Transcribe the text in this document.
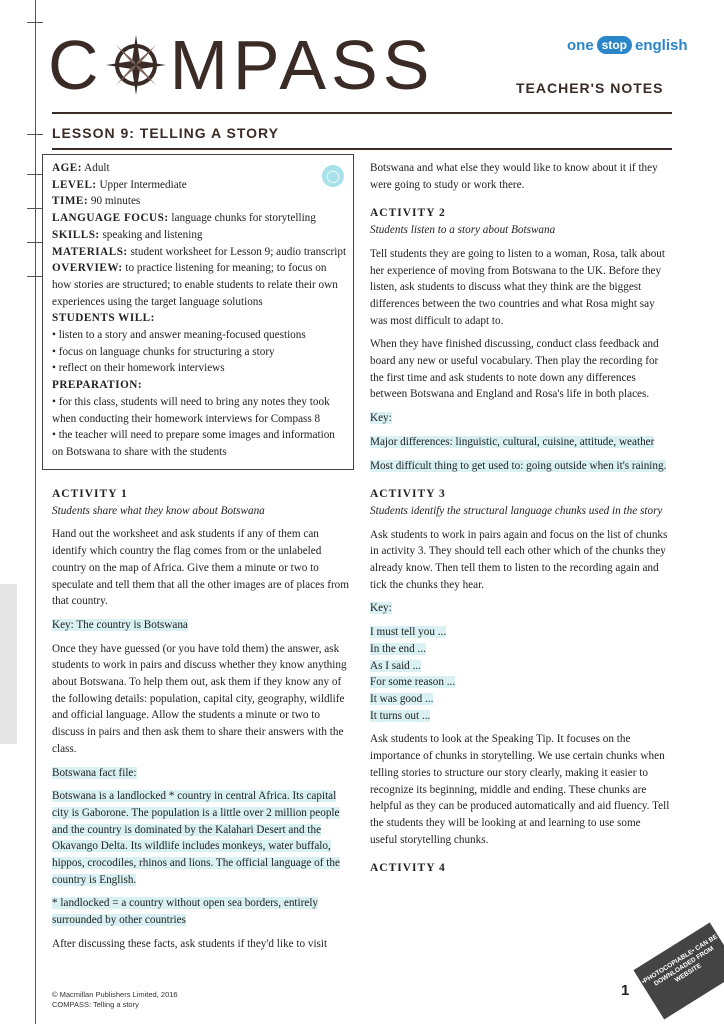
C MPASS	one stop english
TEACHER'S NOTES
LESSON 9: TELLING A STORY
◯

AGE: Adult

LEVEL: Upper Intermediate

TIME: 90 minutes

LANGUAGE FOCUS: language chunks for storytelling

SKILLS: speaking and listening

MATERIALS: student worksheet for Lesson 9; audio transcript

OVERVIEW: to practice listening for meaning; to focus on how stories are structured; to enable students to relate their own experiences using the target language solutions

STUDENTS WILL:

• listen to a story and answer meaning-focused questions

• focus on language chunks for structuring a story

• reflect on their homework interviews

PREPARATION:

• for this class, students will need to bring any notes they took when conducting their homework interviews for Compass 8

• the teacher will need to prepare some images and information on Botswana to share with the students

ACTIVITY 1

Students share what they know about Botswana

Hand out the worksheet and ask students if any of them can identify which country the flag comes from or the unlabeled country on the map of Africa. Give them a minute or two to speculate and tell them that all the other images are of places from that country.

Key: The country is Botswana

Once they have guessed (or you have told them) the answer, ask students to work in pairs and discuss whether they know anything about Botswana. To help them out, ask them if they know any of the following details: population, capital city, geography, wildlife and official language. Allow the students a minute or two to discuss in pairs and then ask them to share their answers with the class.

Botswana fact file:

Botswana is a landlocked * country in central Africa. Its capital city is Gaborone. The population is a little over 2 million people and the country is dominated by the Kalahari Desert and the Okavango Delta. Its wildlife includes monkeys, water buffalo, hippos, crocodiles, rhinos and lions. The official language of the country is English.

* landlocked = a country without open sea borders, entirely surrounded by other countries

After discussing these facts, ask students if they'd like to visit

Botswana and what else they would like to know about it if they were going to study or work there.

ACTIVITY 2

Students listen to a story about Botswana

Tell students they are going to listen to a woman, Rosa, talk about her experience of moving from Botswana to the UK. Before they listen, ask students to discuss what they think are the biggest differences between the two countries and what Rosa might say was most difficult to adapt to.

When they have finished discussing, conduct class feedback and board any new or useful vocabulary. Then play the recording for the first time and ask students to note down any differences between Botswana and England and Rosa's life in both places.

Key:

Major differences: linguistic, cultural, cuisine, attitude, weather

Most difficult thing to get used to: going outside when it's raining.

ACTIVITY 3

Students identify the structural language chunks used in the story

Ask students to work in pairs again and focus on the list of chunks in activity 3. They should tell each other which of the chunks they already know. Then tell them to listen to the recording again and tick the chunks they hear.

Key:

I must tell you ...

In the end ...

As I said ...

For some reason ...

It was good ...

It turns out ...

Ask students to look at the Speaking Tip. It focuses on the importance of chunks in storytelling. We use certain chunks when telling stories to structure our story clearly, making it easier to recognize its beginning, middle and ending. These chunks are helpful as they can be produced automatically and aid fluency. Tell the students they will be looking at and learning to use some useful storytelling chunks.

ACTIVITY 4

© Macmillan Publishers Limited, 2016
COMPASS: Telling a story
1
•PHOTOCOPIABLE• CAN BE DOWNLOADED FROM WEBSITE
